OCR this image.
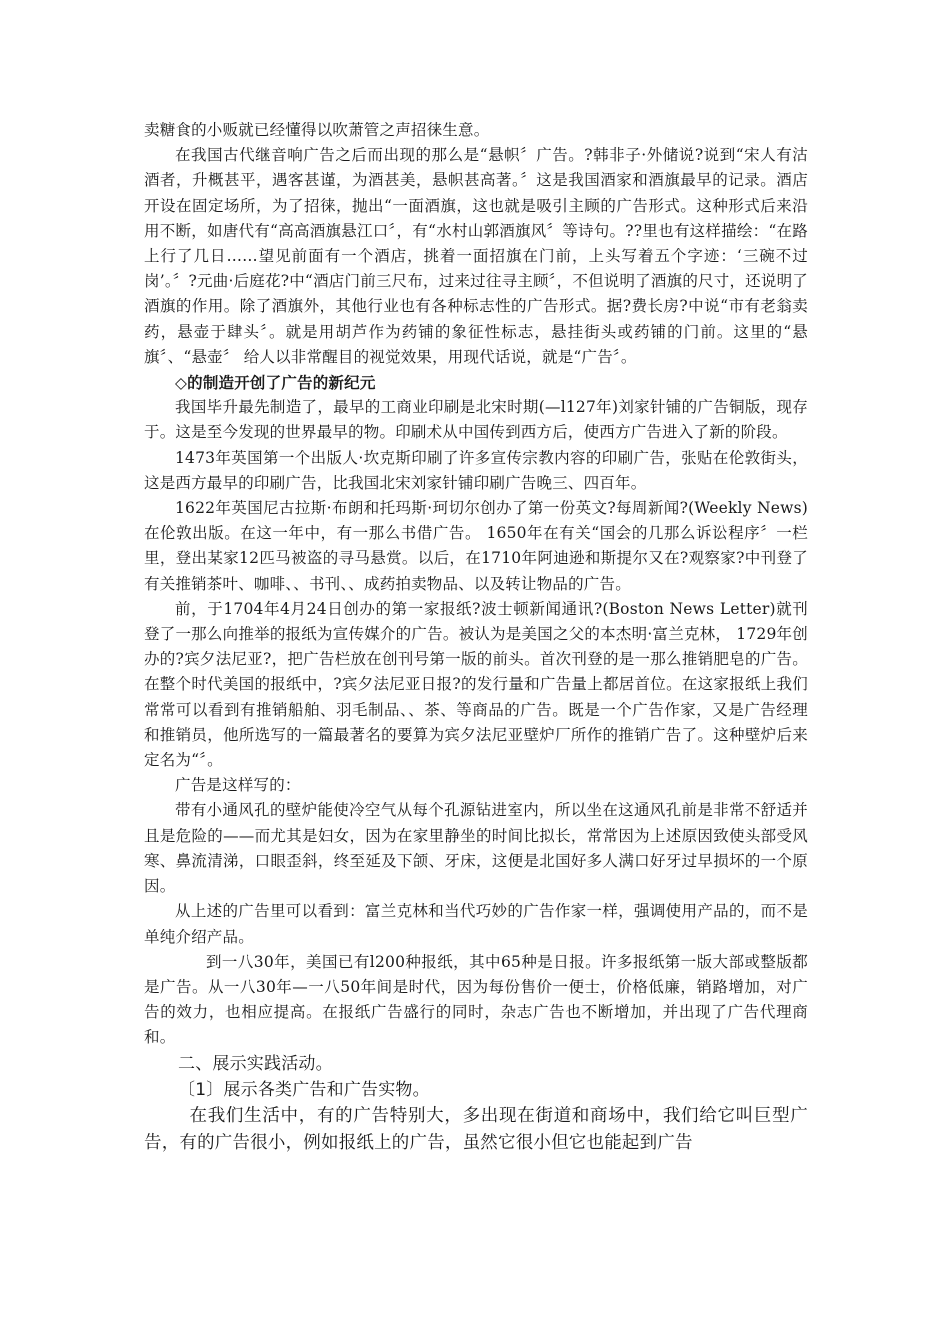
卖糖食的小贩就已经懂得以吹萧管之声招徕生意。

在我国古代继音响广告之后而出现的那么是“悬帜〞广告。?韩非子·外储说?说到“宋人有沽酒者，升概甚平，遇客甚谨，为酒甚美，悬帜甚高著。〞这是我国酒家和酒旗最早的记录。酒店开设在固定场所，为了招徕，抛出“一面酒旗，这也就是吸引主顾的广告形式。这种形式后来沿用不断，如唐代有“高高酒旗悬江口〞，有“水村山郭酒旗风〞等诗句。??里也有这样描绘：“在路上行了几日……望见前面有一个酒店，挑着一面招旗在门前，上头写着五个字迹：‘三碗不过岗’。〞?元曲·后庭花?中“酒店门前三尺布，过来过往寻主顾〞，不但说明了酒旗的尺寸，还说明了酒旗的作用。除了酒旗外，其他行业也有各种标志性的广告形式。据?费长房?中说“市有老翁卖药，悬壶于肆头〞。就是用胡芦作为药铺的象征性标志，悬挂街头或药铺的门前。这里的“悬旗〞、“悬壶〞 给人以非常醒目的视觉效果，用现代话说，就是“广告〞。

◇的制造开创了广告的新纪元

我国毕升最先制造了，最早的工商业印刷是北宋时期(—l127年)刘家针铺的广告铜版，现存于。这是至今发现的世界最早的物。印刷术从中国传到西方后，使西方广告进入了新的阶段。

1473年英国第一个出版人·坎克斯印刷了许多宣传宗教内容的印刷广告，张贴在伦敦街头，这是西方最早的印刷广告，比我国北宋刘家针铺印刷广告晚三、四百年。

1622年英国尼古拉斯·布朗和托玛斯·珂切尔创办了第一份英文?每周新闻?(Weekly News)在伦敦出版。在这一年中，有一那么书借广告。 1650年在有关“国会的几那么诉讼程序〞一栏里，登出某家12匹马被盗的寻马悬赏。以后，在1710年阿迪逊和斯提尔又在?观察家?中刊登了有关推销茶叶、咖啡、、书刊、、成药拍卖物品、以及转让物品的广告。

前，于1704年4月24日创办的第一家报纸?波士顿新闻通讯?(Boston News Letter)就刊登了一那么向推举的报纸为宣传媒介的广告。被认为是美国之父的本杰明·富兰克林， 1729年创办的?宾夕法尼亚?，把广告栏放在创刊号第一版的前头。首次刊登的是一那么推销肥皂的广告。在整个时代美国的报纸中，?宾夕法尼亚日报?的发行量和广告量上都居首位。在这家报纸上我们常常可以看到有推销船舶、羽毛制品、、茶、等商品的广告。既是一个广告作家，又是广告经理和推销员，他所选写的一篇最著名的要算为宾夕法尼亚壁炉厂所作的推销广告了。这种壁炉后来定名为“〞。

广告是这样写的：

带有小通风孔的壁炉能使冷空气从每个孔源钻进室内，所以坐在这通风孔前是非常不舒适并且是危险的——而尤其是妇女，因为在家里静坐的时间比拟长，常常因为上述原因致使头部受风寒、鼻流清涕，口眼歪斜，终至延及下颌、牙床，这便是北国好多人满口好牙过早损坏的一个原因。

从上述的广告里可以看到：富兰克林和当代巧妙的广告作家一样，强调使用产品的，而不是单纯介绍产品。

到一八30年，美国已有l200种报纸，其中65种是日报。许多报纸第一版大部或整版都是广告。从一八30年—一八50年间是时代，因为每份售价一便士，价格低廉，销路增加，对广告的效力，也相应提高。在报纸广告盛行的同时，杂志广告也不断增加，并出现了广告代理商和。

二、展示实践活动。

〔1〕展示各类广告和广告实物。

在我们生活中，有的广告特别大，多出现在街道和商场中，我们给它叫巨型广告，有的广告很小，例如报纸上的广告，虽然它很小但它也能起到广告
